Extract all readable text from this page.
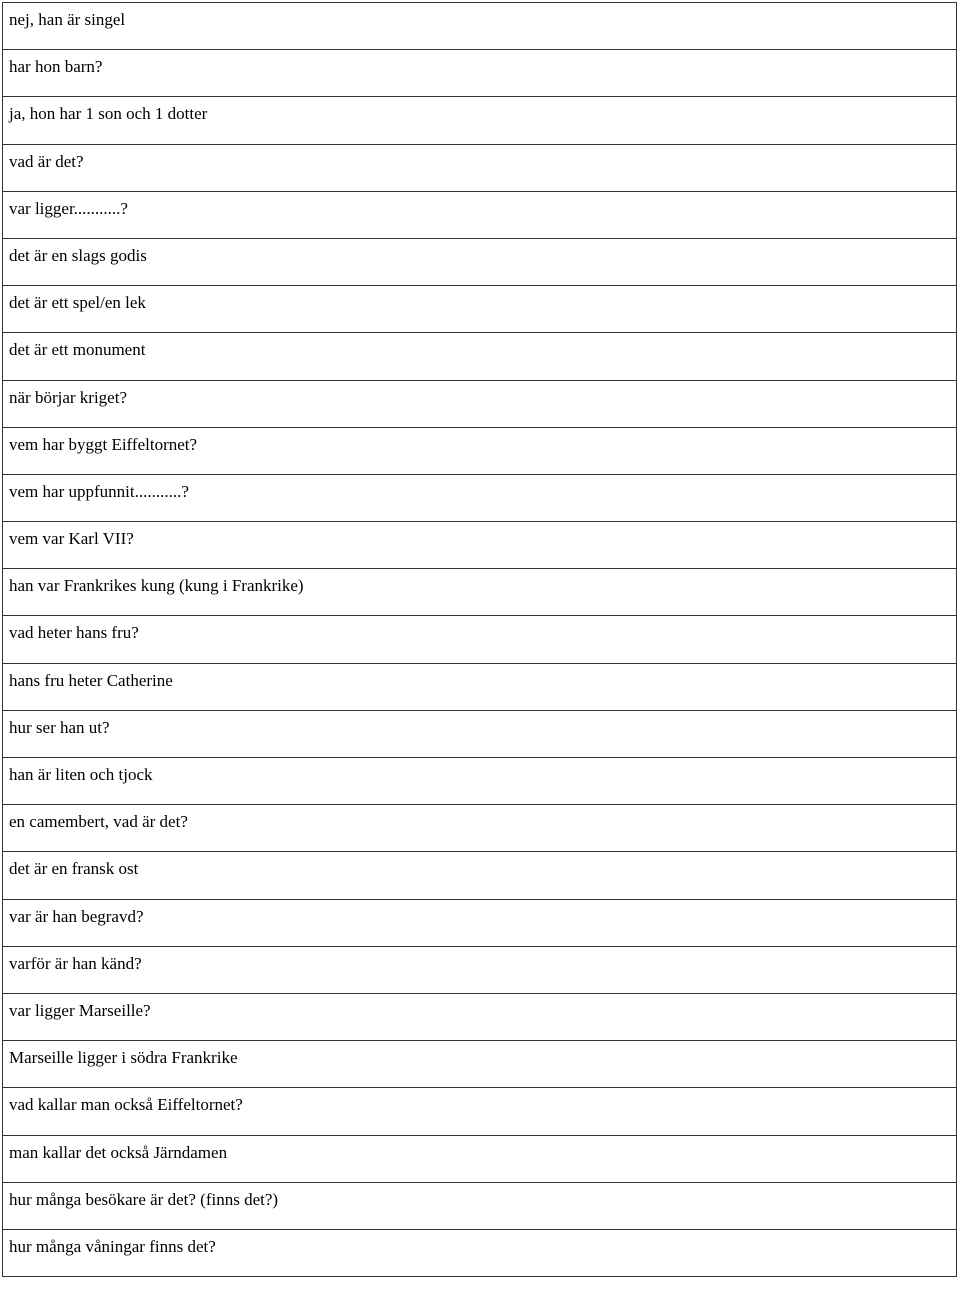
nej, han är singel

har hon barn?

ja, hon har 1 son och 1 dotter

vad är det?

var ligger...........?

det är en slags godis

det är ett spel/en lek

det är ett monument

när börjar kriget?

vem har byggt Eiffeltornet?

vem har uppfunnit...........?

vem var Karl VII?

han var Frankrikes kung (kung i Frankrike)

vad heter hans fru?

hans fru heter Catherine

hur ser han ut?

han är liten och tjock

en camembert, vad är det?

det är en fransk ost

var är han begravd?

varför är han känd?

var ligger Marseille?

Marseille ligger i södra Frankrike

vad kallar man också Eiffeltornet?

man kallar det också Järndamen

hur många besökare är det? (finns det?)

hur många våningar finns det?
